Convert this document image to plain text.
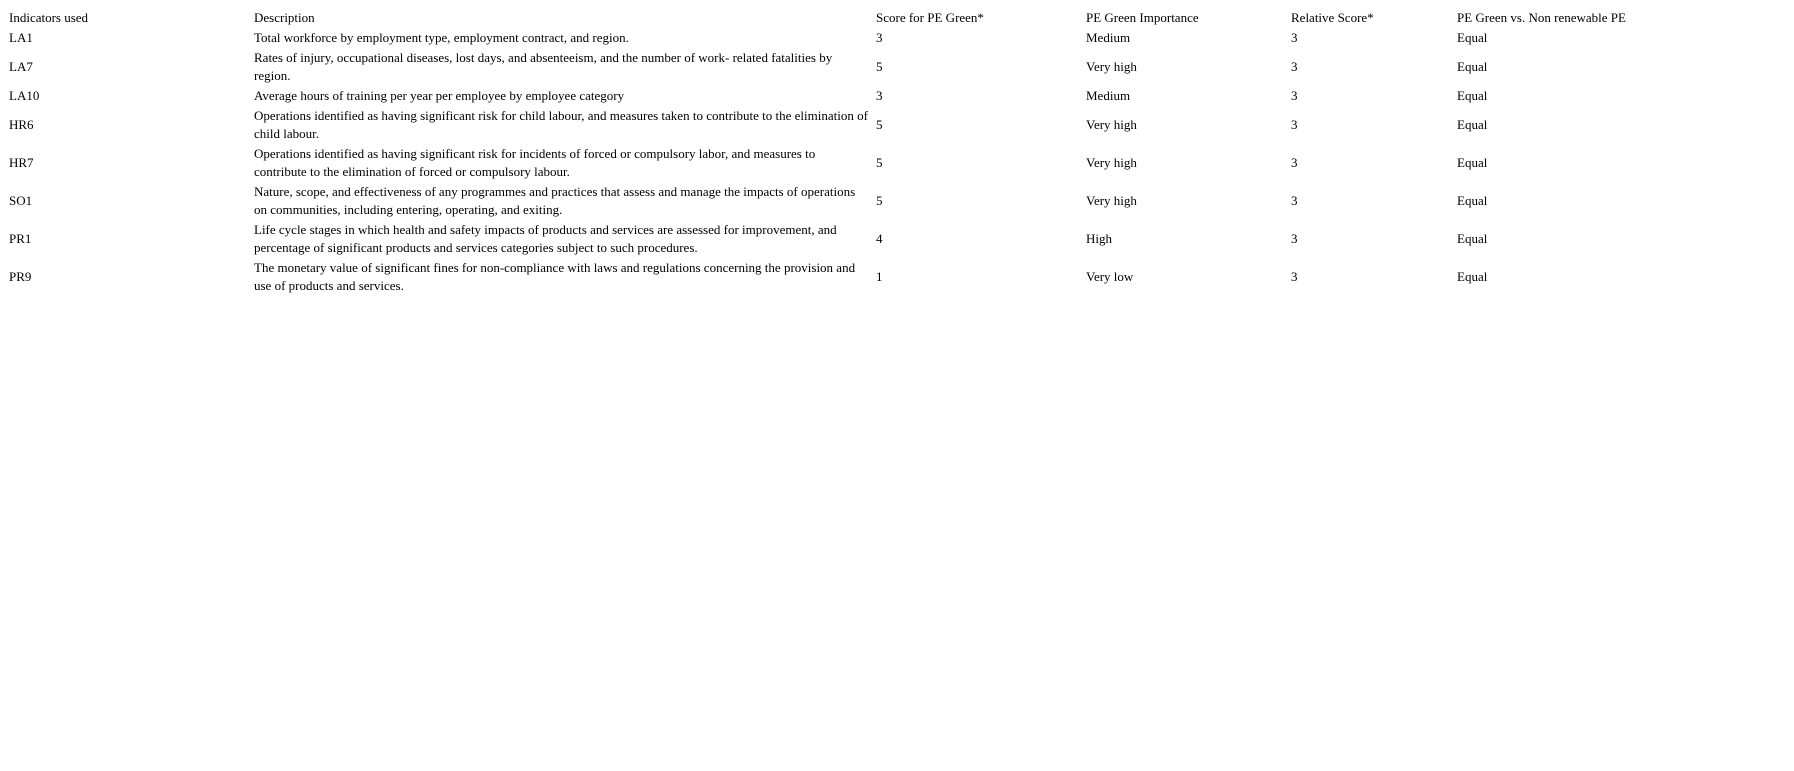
Indicators used	Description	Score for PE Green*	PE Green Importance	Relative Score*	PE Green vs. Non renewable PE
LA1	Total workforce by employment type, employment contract, and region.	3	Medium	3	Equal
LA7	Rates of injury, occupational diseases, lost days, and absenteeism, and the number of work- related fatalities by region.	5	Very high	3	Equal
LA10	Average hours of training per year per employee by employee category	3	Medium	3	Equal
HR6	Operations identified as having significant risk for child labour, and measures taken to contribute to the elimination of child labour.	5	Very high	3	Equal
HR7	Operations identified as having significant risk for incidents of forced or compulsory labor, and measures to contribute to the elimination of forced or compulsory labour.	5	Very high	3	Equal
SO1	Nature, scope, and effectiveness of any programmes and practices that assess and manage the impacts of operations on communities, including entering, operating, and exiting.	5	Very high	3	Equal
PR1	Life cycle stages in which health and safety impacts of products and services are assessed for improvement, and percentage of significant products and services categories subject to such procedures.	4	High	3	Equal
PR9	The monetary value of significant fines for non-compliance with laws and regulations concerning the provision and use of products and services.	1	Very low	3	Equal
